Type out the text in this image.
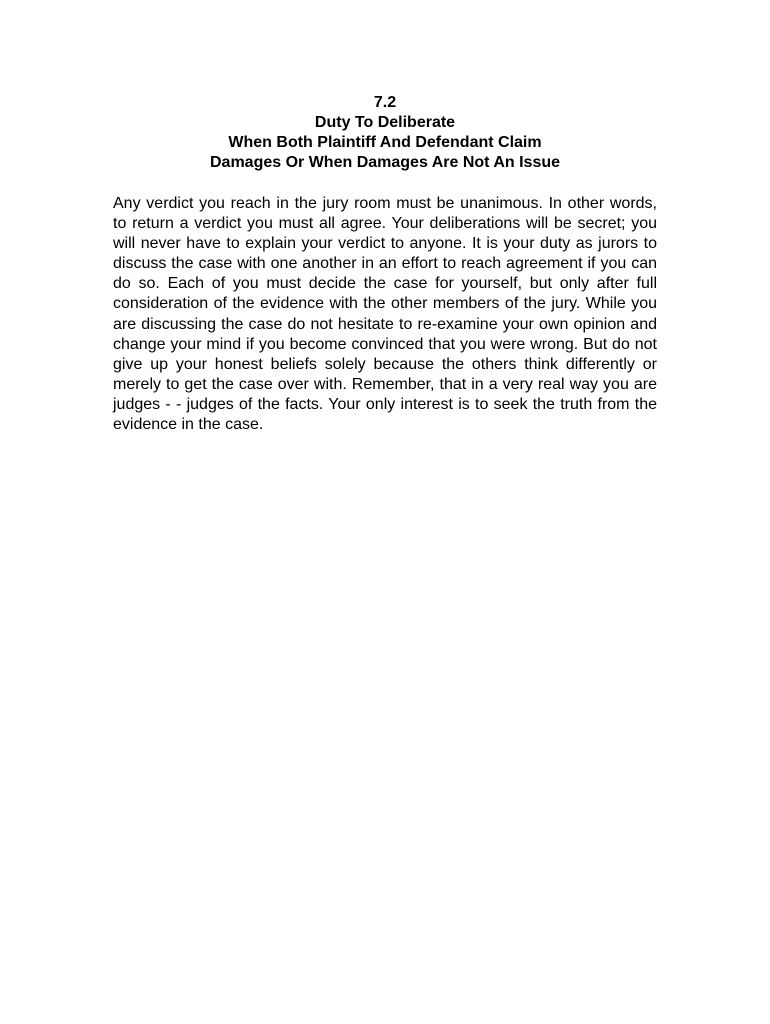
7.2
Duty To Deliberate
When Both Plaintiff And Defendant Claim
Damages Or When Damages Are Not An Issue

Any verdict you reach in the jury room must be unanimous. In other words, to return a verdict you must all agree. Your deliberations will be secret; you will never have to explain your verdict to anyone. It is your duty as jurors to discuss the case with one another in an effort to reach agreement if you can do so. Each of you must decide the case for yourself, but only after full consideration of the evidence with the other members of the jury. While you are discussing the case do not hesitate to re-examine your own opinion and change your mind if you become convinced that you were wrong. But do not give up your honest beliefs solely because the others think differently or merely to get the case over with. Remember, that in a very real way you are judges - - judges of the facts. Your only interest is to seek the truth from the evidence in the case.
